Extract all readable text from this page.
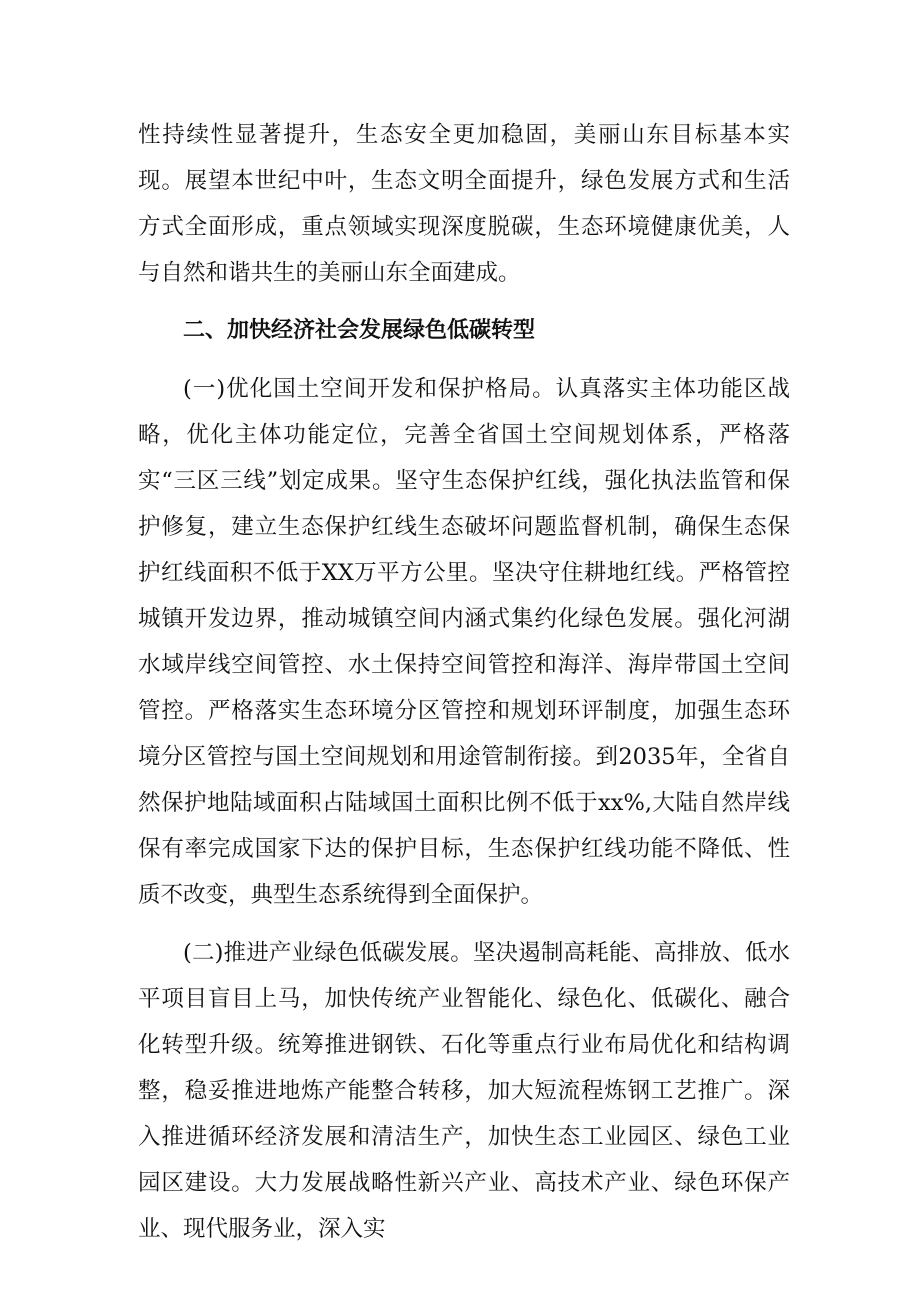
性持续性显著提升，生态安全更加稳固，美丽山东目标基本实现。展望本世纪中叶，生态文明全面提升，绿色发展方式和生活方式全面形成，重点领域实现深度脱碳，生态环境健康优美，人与自然和谐共生的美丽山东全面建成。

二、加快经济社会发展绿色低碳转型

(一)优化国土空间开发和保护格局。认真落实主体功能区战略，优化主体功能定位，完善全省国土空间规划体系，严格落实“三区三线”划定成果。坚守生态保护红线，强化执法监管和保护修复，建立生态保护红线生态破坏问题监督机制，确保生态保护红线面积不低于XX万平方公里。坚决守住耕地红线。严格管控城镇开发边界，推动城镇空间内涵式集约化绿色发展。强化河湖水域岸线空间管控、水土保持空间管控和海洋、海岸带国土空间管控。严格落实生态环境分区管控和规划环评制度，加强生态环境分区管控与国土空间规划和用途管制衔接。到2035年，全省自然保护地陆域面积占陆域国土面积比例不低于xx%,大陆自然岸线保有率完成国家下达的保护目标，生态保护红线功能不降低、性质不改变，典型生态系统得到全面保护。

(二)推进产业绿色低碳发展。坚决遏制高耗能、高排放、低水平项目盲目上马，加快传统产业智能化、绿色化、低碳化、融合化转型升级。统筹推进钢铁、石化等重点行业布局优化和结构调整，稳妥推进地炼产能整合转移，加大短流程炼钢工艺推广。深入推进循环经济发展和清洁生产，加快生态工业园区、绿色工业园区建设。大力发展战略性新兴产业、高技术产业、绿色环保产业、现代服务业，深入实
